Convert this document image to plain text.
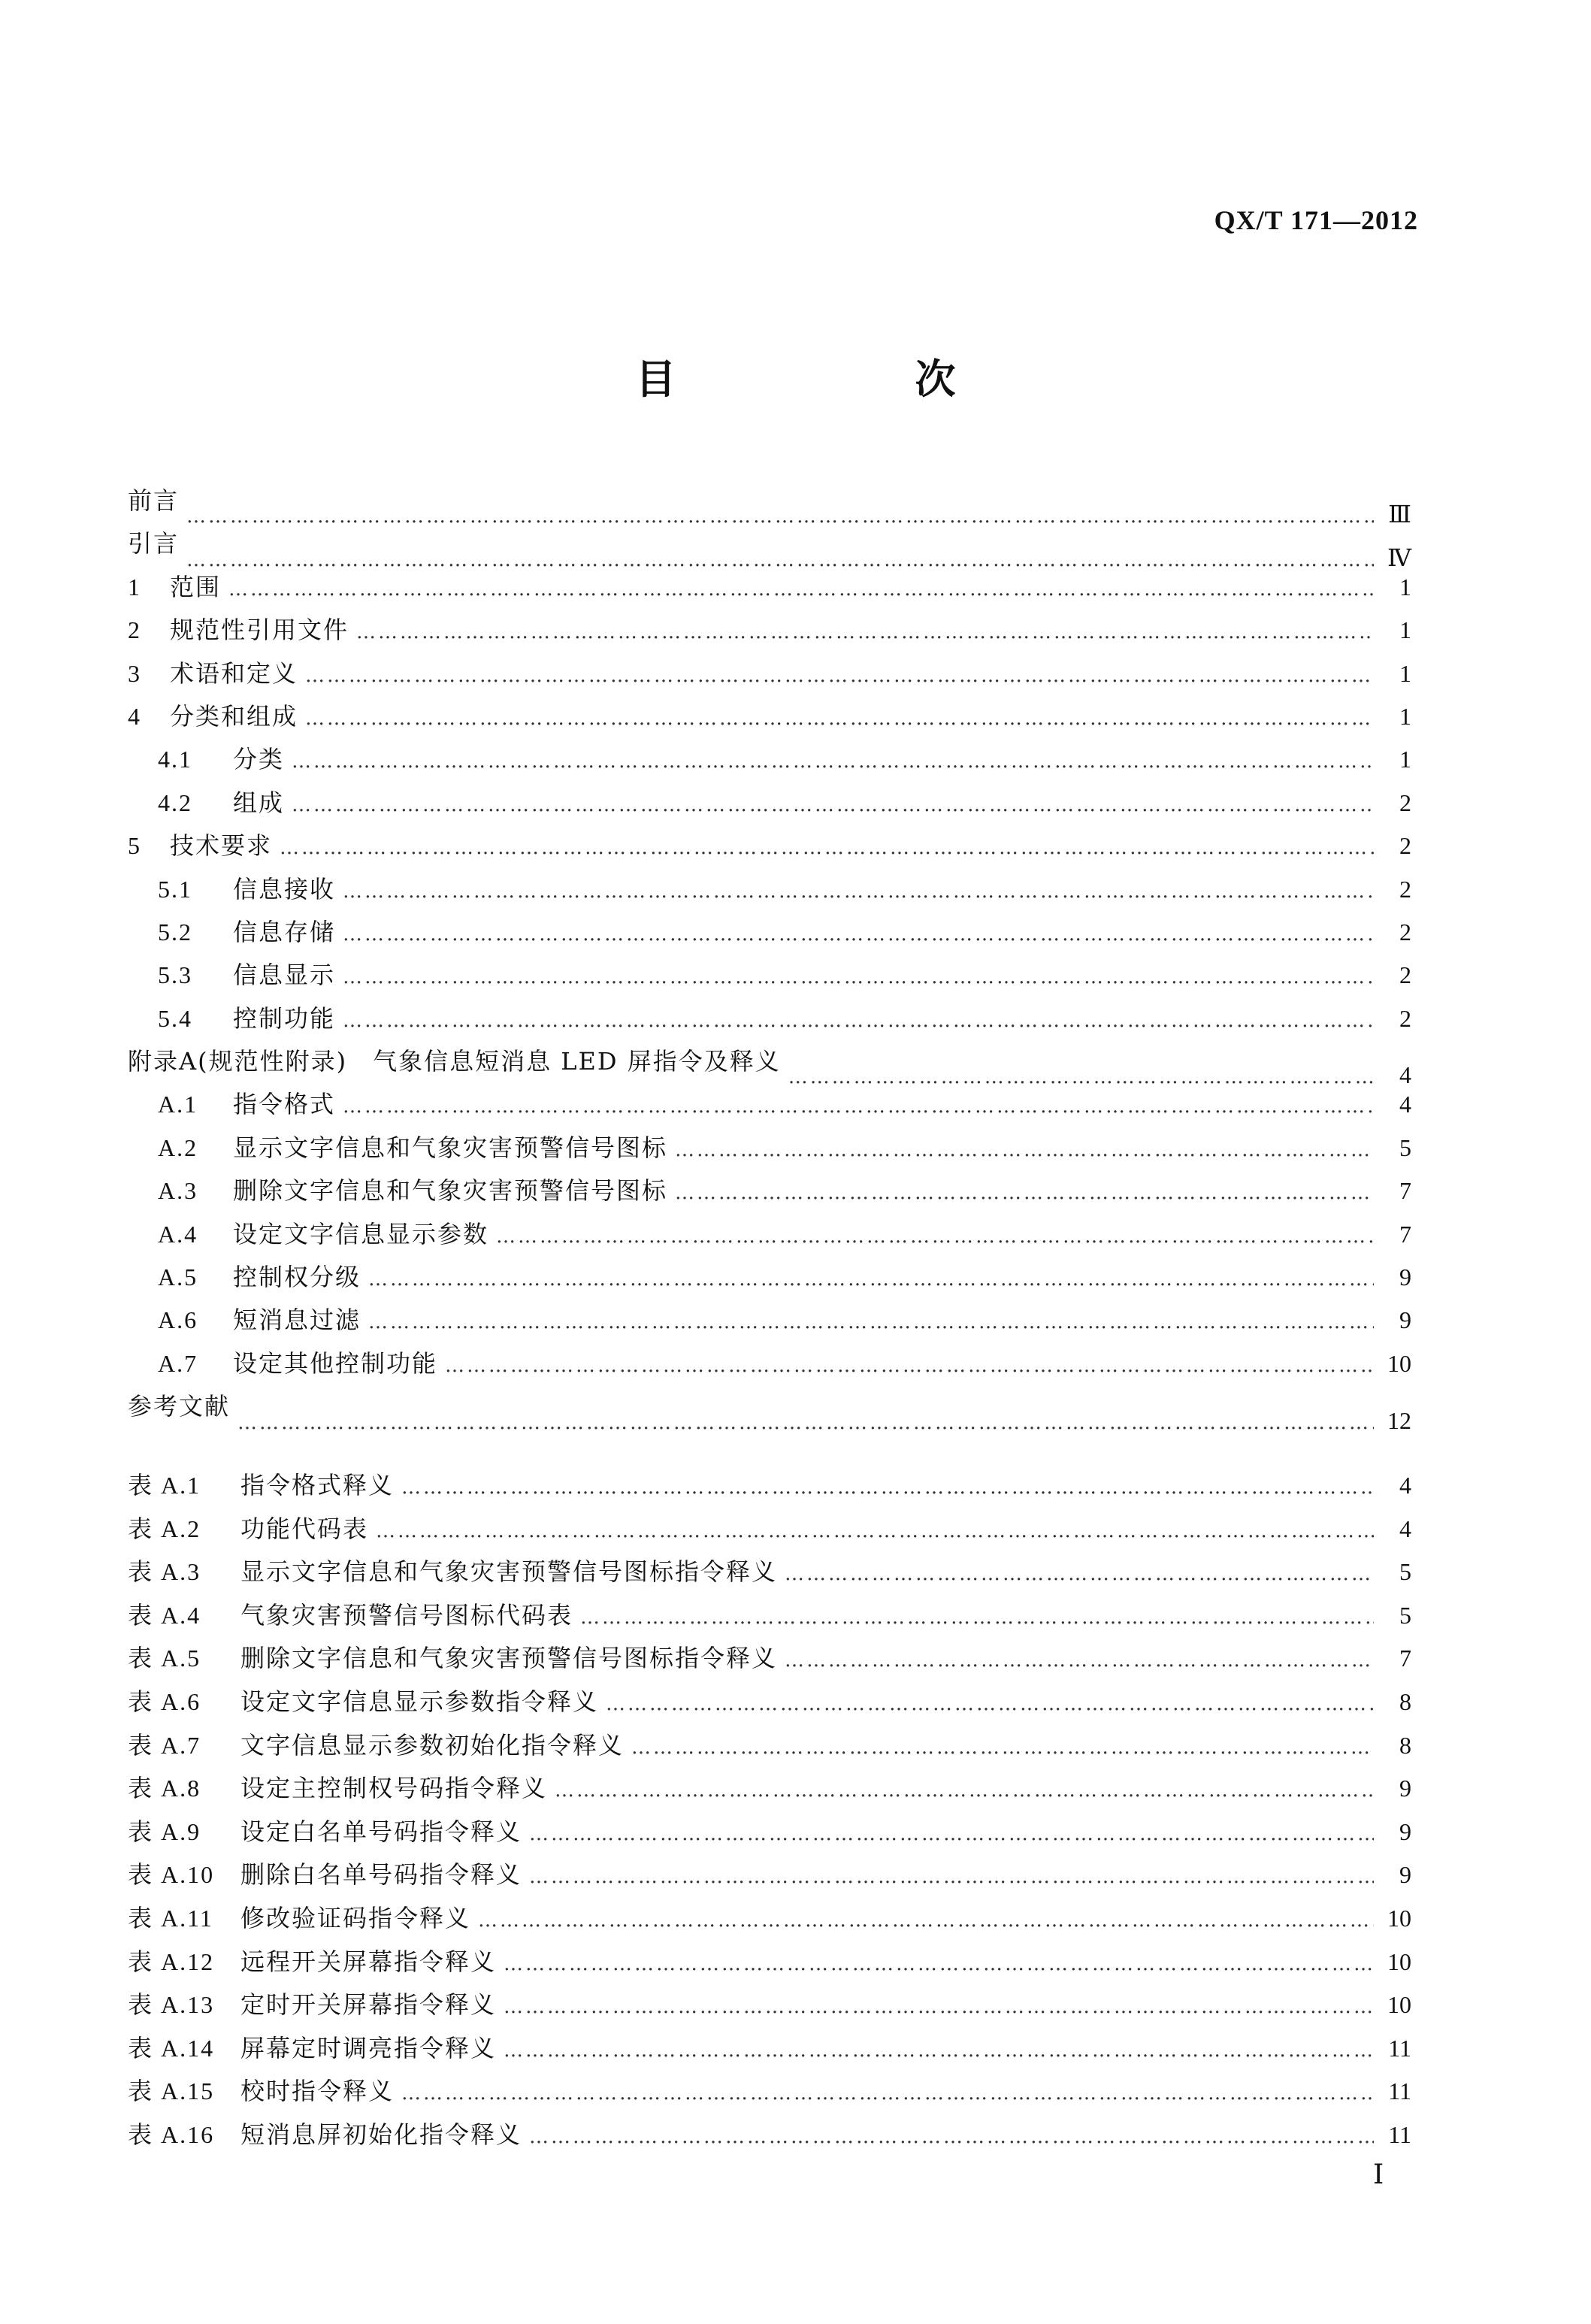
QX/T 171—2012
目　次
前言 ……………………………………………………………………………………………………………………………………………………………………………………………	Ⅲ
引言 ……………………………………………………………………………………………………………………………………………………………………………………………	Ⅳ
1	范围 ……………………………………………………………………………………………………………………………………………………………………………………………	1
2	规范性引用文件 ……………………………………………………………………………………………………………………………………………………………………………………………	1
3	术语和定义 ……………………………………………………………………………………………………………………………………………………………………………………………	1
4	分类和组成 ……………………………………………………………………………………………………………………………………………………………………………………………	1
4.1	分类 ……………………………………………………………………………………………………………………………………………………………………………………………	1
4.2	组成 ……………………………………………………………………………………………………………………………………………………………………………………………	2
5	技术要求 ……………………………………………………………………………………………………………………………………………………………………………………………	2
5.1	信息接收 ……………………………………………………………………………………………………………………………………………………………………………………………	2
5.2	信息存储 ……………………………………………………………………………………………………………………………………………………………………………………………	2
5.3	信息显示 ……………………………………………………………………………………………………………………………………………………………………………………………	2
5.4	控制功能 ……………………………………………………………………………………………………………………………………………………………………………………………	2
附录A(规范性附录)　气象信息短消息 LED 屏指令及释义 ……………………………………………………………………………………………………………………………………………………………………………………………	4
A.1	指令格式 ……………………………………………………………………………………………………………………………………………………………………………………………	4
A.2	显示文字信息和气象灾害预警信号图标 ……………………………………………………………………………………………………………………………………………………………………………………………	5
A.3	删除文字信息和气象灾害预警信号图标 ……………………………………………………………………………………………………………………………………………………………………………………………	7
A.4	设定文字信息显示参数 ……………………………………………………………………………………………………………………………………………………………………………………………	7
A.5	控制权分级 ……………………………………………………………………………………………………………………………………………………………………………………………	9
A.6	短消息过滤 ……………………………………………………………………………………………………………………………………………………………………………………………	9
A.7	设定其他控制功能 ……………………………………………………………………………………………………………………………………………………………………………………………	10
参考文献 ……………………………………………………………………………………………………………………………………………………………………………………………	12
表 A.1	指令格式释义 ……………………………………………………………………………………………………………………………………………………………………………………………	4
表 A.2	功能代码表 ……………………………………………………………………………………………………………………………………………………………………………………………	4
表 A.3	显示文字信息和气象灾害预警信号图标指令释义 ……………………………………………………………………………………………………………………………………………………………………………………………	5
表 A.4	气象灾害预警信号图标代码表 ……………………………………………………………………………………………………………………………………………………………………………………………	5
表 A.5	删除文字信息和气象灾害预警信号图标指令释义 ……………………………………………………………………………………………………………………………………………………………………………………………	7
表 A.6	设定文字信息显示参数指令释义 ……………………………………………………………………………………………………………………………………………………………………………………………	8
表 A.7	文字信息显示参数初始化指令释义 ……………………………………………………………………………………………………………………………………………………………………………………………	8
表 A.8	设定主控制权号码指令释义 ……………………………………………………………………………………………………………………………………………………………………………………………	9
表 A.9	设定白名单号码指令释义 ……………………………………………………………………………………………………………………………………………………………………………………………	9
表 A.10	删除白名单号码指令释义 ……………………………………………………………………………………………………………………………………………………………………………………………	9
表 A.11	修改验证码指令释义 ……………………………………………………………………………………………………………………………………………………………………………………………	10
表 A.12	远程开关屏幕指令释义 ……………………………………………………………………………………………………………………………………………………………………………………………	10
表 A.13	定时开关屏幕指令释义 ……………………………………………………………………………………………………………………………………………………………………………………………	10
表 A.14	屏幕定时调亮指令释义 ……………………………………………………………………………………………………………………………………………………………………………………………	11
表 A.15	校时指令释义 ……………………………………………………………………………………………………………………………………………………………………………………………	11
表 A.16	短消息屏初始化指令释义 ……………………………………………………………………………………………………………………………………………………………………………………………	11
Ⅰ
